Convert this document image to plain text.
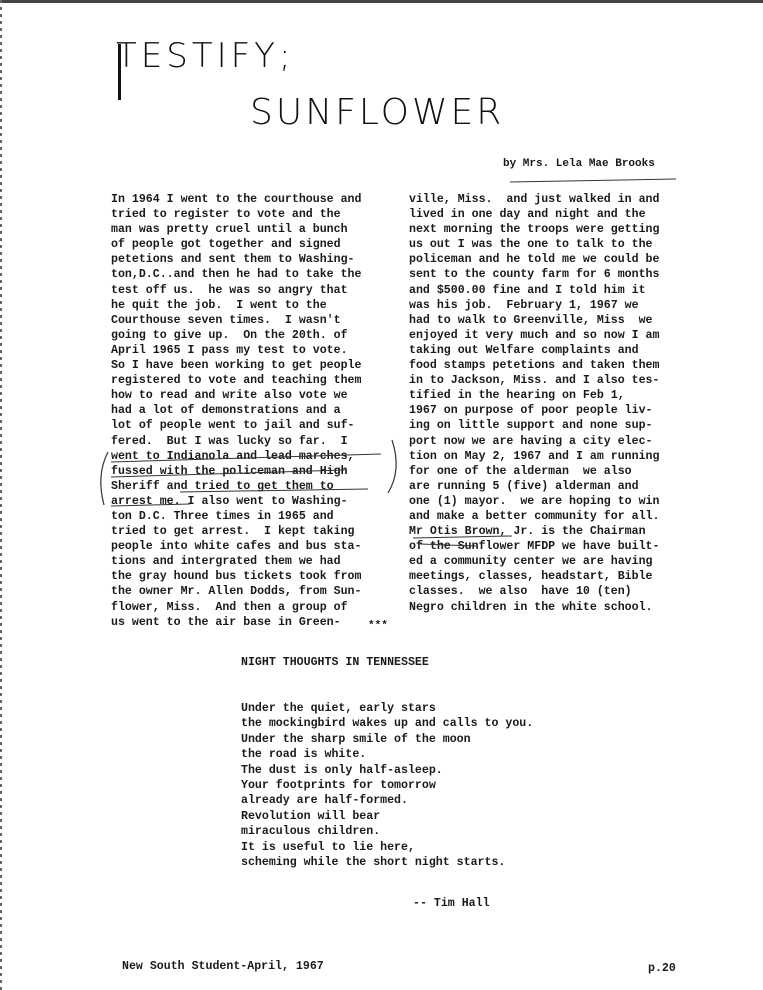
TESTIFY;
SUNFLOWER
by Mrs. Lela Mae Brooks
In 1964 I went to the courthouse and
tried to register to vote and the
man was pretty cruel until a bunch
of people got together and signed
petetions and sent them to Washing-
ton,D.C..and then he had to take the
test off us.  he was so angry that
he quit the job.  I went to the
Courthouse seven times.  I wasn't
going to give up.  On the 20th. of
April 1965 I pass my test to vote.
So I have been working to get people
registered to vote and teaching them
how to read and write also vote we
had a lot of demonstrations and a
lot of people went to jail and suf-
fered.  But I was lucky so far.  I
went to Indianola and lead marches,
fussed with the policeman and High
Sheriff and tried to get them to
arrest me. I also went to Washing-
ton D.C. Three times in 1965 and
tried to get arrest.  I kept taking
people into white cafes and bus sta-
tions and intergrated them we had
the gray hound bus tickets took from
the owner Mr. Allen Dodds, from Sun-
flower, Miss.  And then a group of
us went to the air base in Green-
ville, Miss.  and just walked in and
lived in one day and night and the
next morning the troops were getting
us out I was the one to talk to the
policeman and he told me we could be
sent to the county farm for 6 months
and $500.00 fine and I told him it
was his job.  February 1, 1967 we
had to walk to Greenville, Miss  we
enjoyed it very much and so now I am
taking out Welfare complaints and
food stamps petetions and taken them
in to Jackson, Miss. and I also tes-
tified in the hearing on Feb 1,
1967 on purpose of poor people liv-
ing on little support and none sup-
port now we are having a city elec-
tion on May 2, 1967 and I am running
for one of the alderman  we also
are running 5 (five) alderman and
one (1) mayor.  we are hoping to win
and make a better community for all.
Mr Otis Brown, Jr. is the Chairman
of the Sunflower MFDP we have built-
ed a community center we are having
meetings, classes, headstart, Bible
classes.  we also  have 10 (ten)
Negro children in the white school.
***
NIGHT THOUGHTS IN TENNESSEE
Under the quiet, early stars
the mockingbird wakes up and calls to you.
Under the sharp smile of the moon
the road is white.
The dust is only half-asleep.
Your footprints for tomorrow
already are half-formed.
Revolution will bear
miraculous children.
It is useful to lie here,
scheming while the short night starts.
-- Tim Hall
New South Student-April, 1967	p.20
